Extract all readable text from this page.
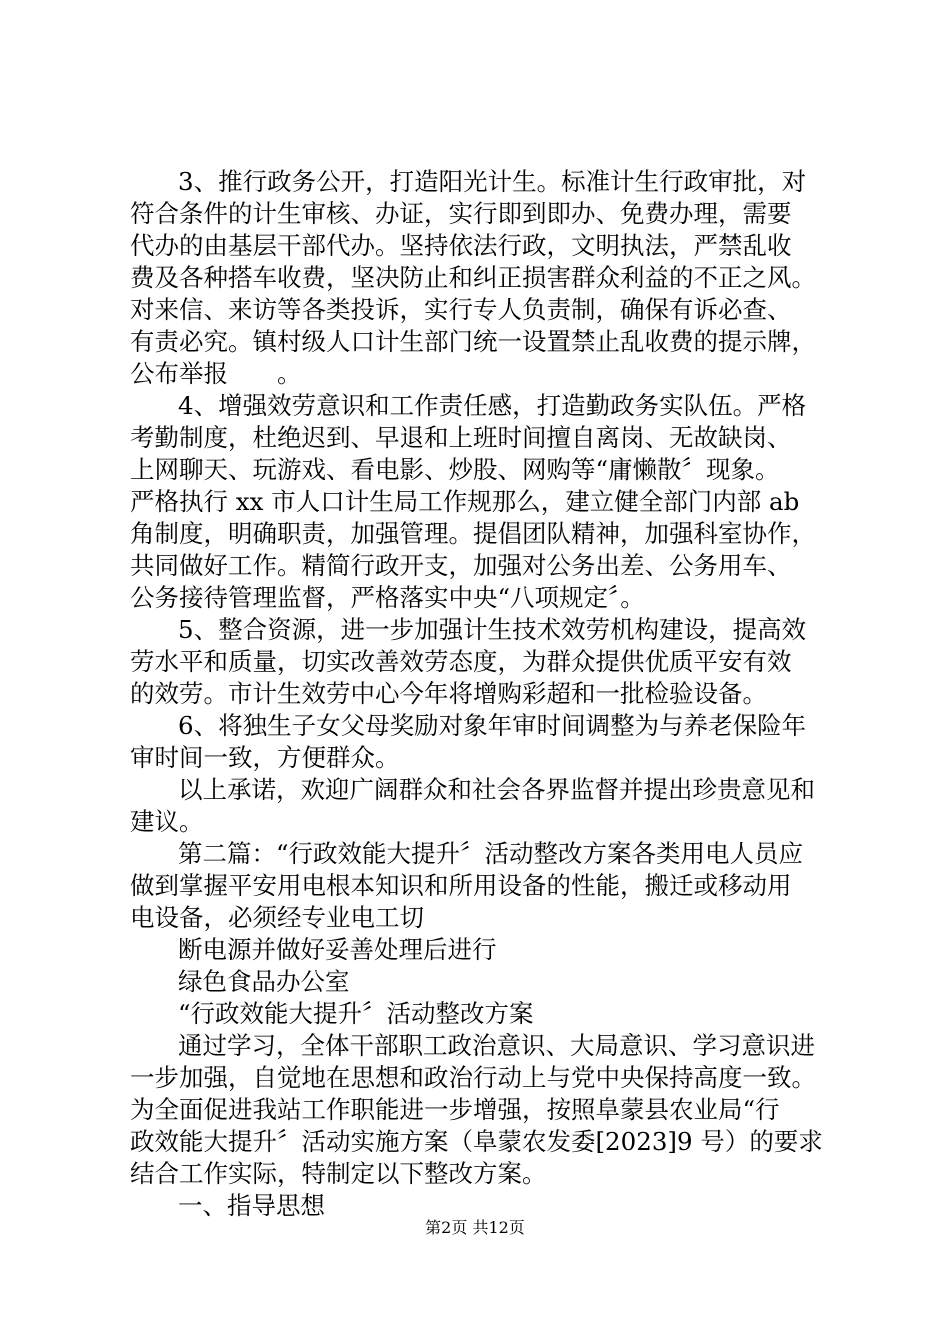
3、推行政务公开，打造阳光计生。标准计生行政审批，对
符合条件的计生审核、办证，实行即到即办、免费办理，需要
代办的由基层干部代办。坚持依法行政，文明执法，严禁乱收
费及各种搭车收费，坚决防止和纠正损害群众利益的不正之风。
对来信、来访等各类投诉，实行专人负责制，确保有诉必查、
有责必究。镇村级人口计生部门统一设置禁止乱收费的提示牌，
公布举报　　。

4、增强效劳意识和工作责任感，打造勤政务实队伍。严格
考勤制度，杜绝迟到、早退和上班时间擅自离岗、无故缺岗、
上网聊天、玩游戏、看电影、炒股、网购等“庸懒散〞现象。
严格执行 xx 市人口计生局工作规那么，建立健全部门内部 ab
角制度，明确职责，加强管理。提倡团队精神，加强科室协作，
共同做好工作。精简行政开支，加强对公务出差、公务用车、
公务接待管理监督，严格落实中央“八项规定〞。

5、整合资源，进一步加强计生技术效劳机构建设，提高效
劳水平和质量，切实改善效劳态度，为群众提供优质平安有效
的效劳。市计生效劳中心今年将增购彩超和一批检验设备。

6、将独生子女父母奖励对象年审时间调整为与养老保险年
审时间一致，方便群众。

以上承诺，欢迎广阔群众和社会各界监督并提出珍贵意见和
建议。

第二篇：“行政效能大提升〞活动整改方案各类用电人员应
做到掌握平安用电根本知识和所用设备的性能，搬迁或移动用
电设备，必须经专业电工切

断电源并做好妥善处理后进行

绿色食品办公室

“行政效能大提升〞活动整改方案

通过学习，全体干部职工政治意识、大局意识、学习意识进
一步加强，自觉地在思想和政治行动上与党中央保持高度一致。
为全面促进我站工作职能进一步增强，按照阜蒙县农业局“行
政效能大提升〞活动实施方案（阜蒙农发委[2023]9 号）的要求
结合工作实际，特制定以下整改方案。

一、指导思想

第2页 共12页
